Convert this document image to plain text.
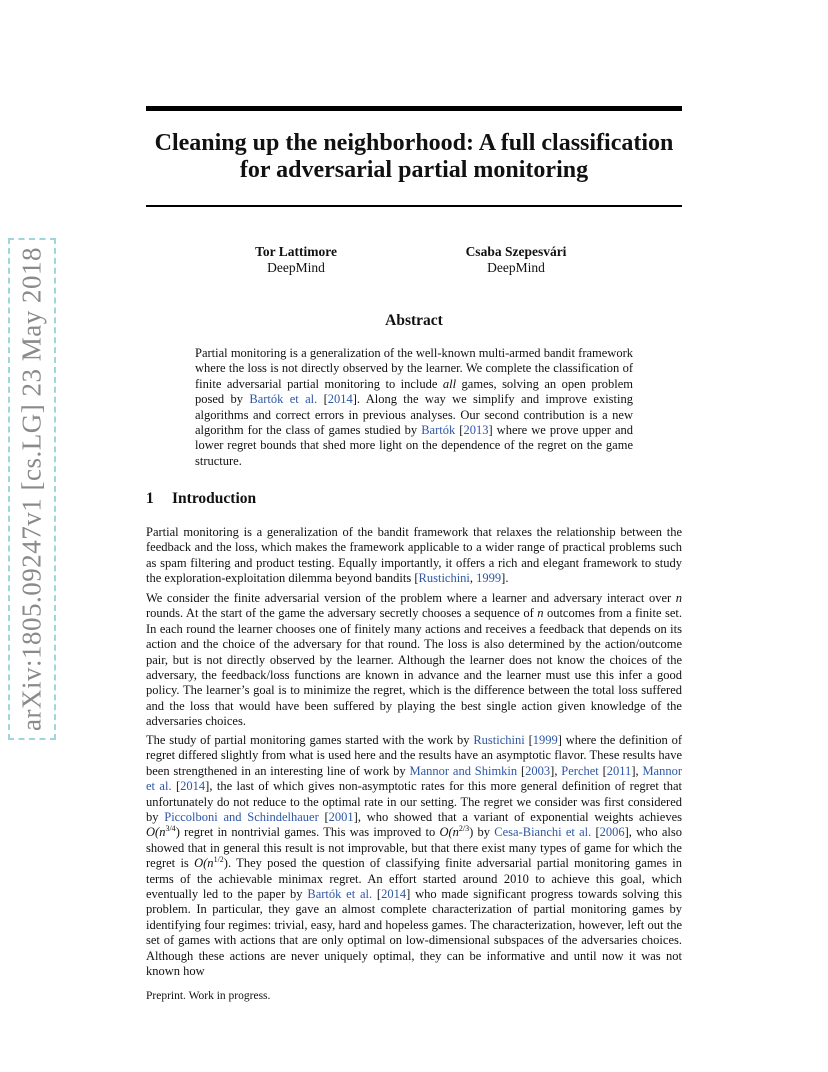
arXiv:1805.09247v1 [cs.LG] 23 May 2018
Cleaning up the neighborhood: A full classification
for adversarial partial monitoring
Tor Lattimore
DeepMind
Csaba Szepesvári
DeepMind
Abstract

Partial monitoring is a generalization of the well-known multi-armed bandit framework where the loss is not directly observed by the learner. We complete the classification of finite adversarial partial monitoring to include all games, solving an open problem posed by Bartók et al. [2014]. Along the way we simplify and improve existing algorithms and correct errors in previous analyses. Our second contribution is a new algorithm for the class of games studied by Bartók [2013] where we prove upper and lower regret bounds that shed more light on the dependence of the regret on the game structure.

1 Introduction

Partial monitoring is a generalization of the bandit framework that relaxes the relationship between the feedback and the loss, which makes the framework applicable to a wider range of practical problems such as spam filtering and product testing. Equally importantly, it offers a rich and elegant framework to study the exploration-exploitation dilemma beyond bandits [Rustichini, 1999].

We consider the finite adversarial version of the problem where a learner and adversary interact over n rounds. At the start of the game the adversary secretly chooses a sequence of n outcomes from a finite set. In each round the learner chooses one of finitely many actions and receives a feedback that depends on its action and the choice of the adversary for that round. The loss is also determined by the action/outcome pair, but is not directly observed by the learner. Although the learner does not know the choices of the adversary, the feedback/loss functions are known in advance and the learner must use this infer a good policy. The learner’s goal is to minimize the regret, which is the difference between the total loss suffered and the loss that would have been suffered by playing the best single action given knowledge of the adversaries choices.

The study of partial monitoring games started with the work by Rustichini [1999] where the definition of regret differed slightly from what is used here and the results have an asymptotic flavor. These results have been strengthened in an interesting line of work by Mannor and Shimkin [2003], Perchet [2011], Mannor et al. [2014], the last of which gives non-asymptotic rates for this more general definition of regret that unfortunately do not reduce to the optimal rate in our setting. The regret we consider was first considered by Piccolboni and Schindelhauer [2001], who showed that a variant of exponential weights achieves $O(n^{3/4})$ regret in nontrivial games. This was improved to $O(n^{2/3})$ by Cesa-Bianchi et al. [2006], who also showed that in general this result is not improvable, but that there exist many types of game for which the regret is $O(n^{1/2})$. They posed the question of classifying finite adversarial partial monitoring games in terms of the achievable minimax regret. An effort started around 2010 to achieve this goal, which eventually led to the paper by Bartók et al. [2014] who made significant progress towards solving this problem. In particular, they gave an almost complete characterization of partial monitoring games by identifying four regimes: trivial, easy, hard and hopeless games. The characterization, however, left out the set of games with actions that are only optimal on low-dimensional subspaces of the adversaries choices. Although these actions are never uniquely optimal, they can be informative and until now it was not known how

Preprint. Work in progress.
